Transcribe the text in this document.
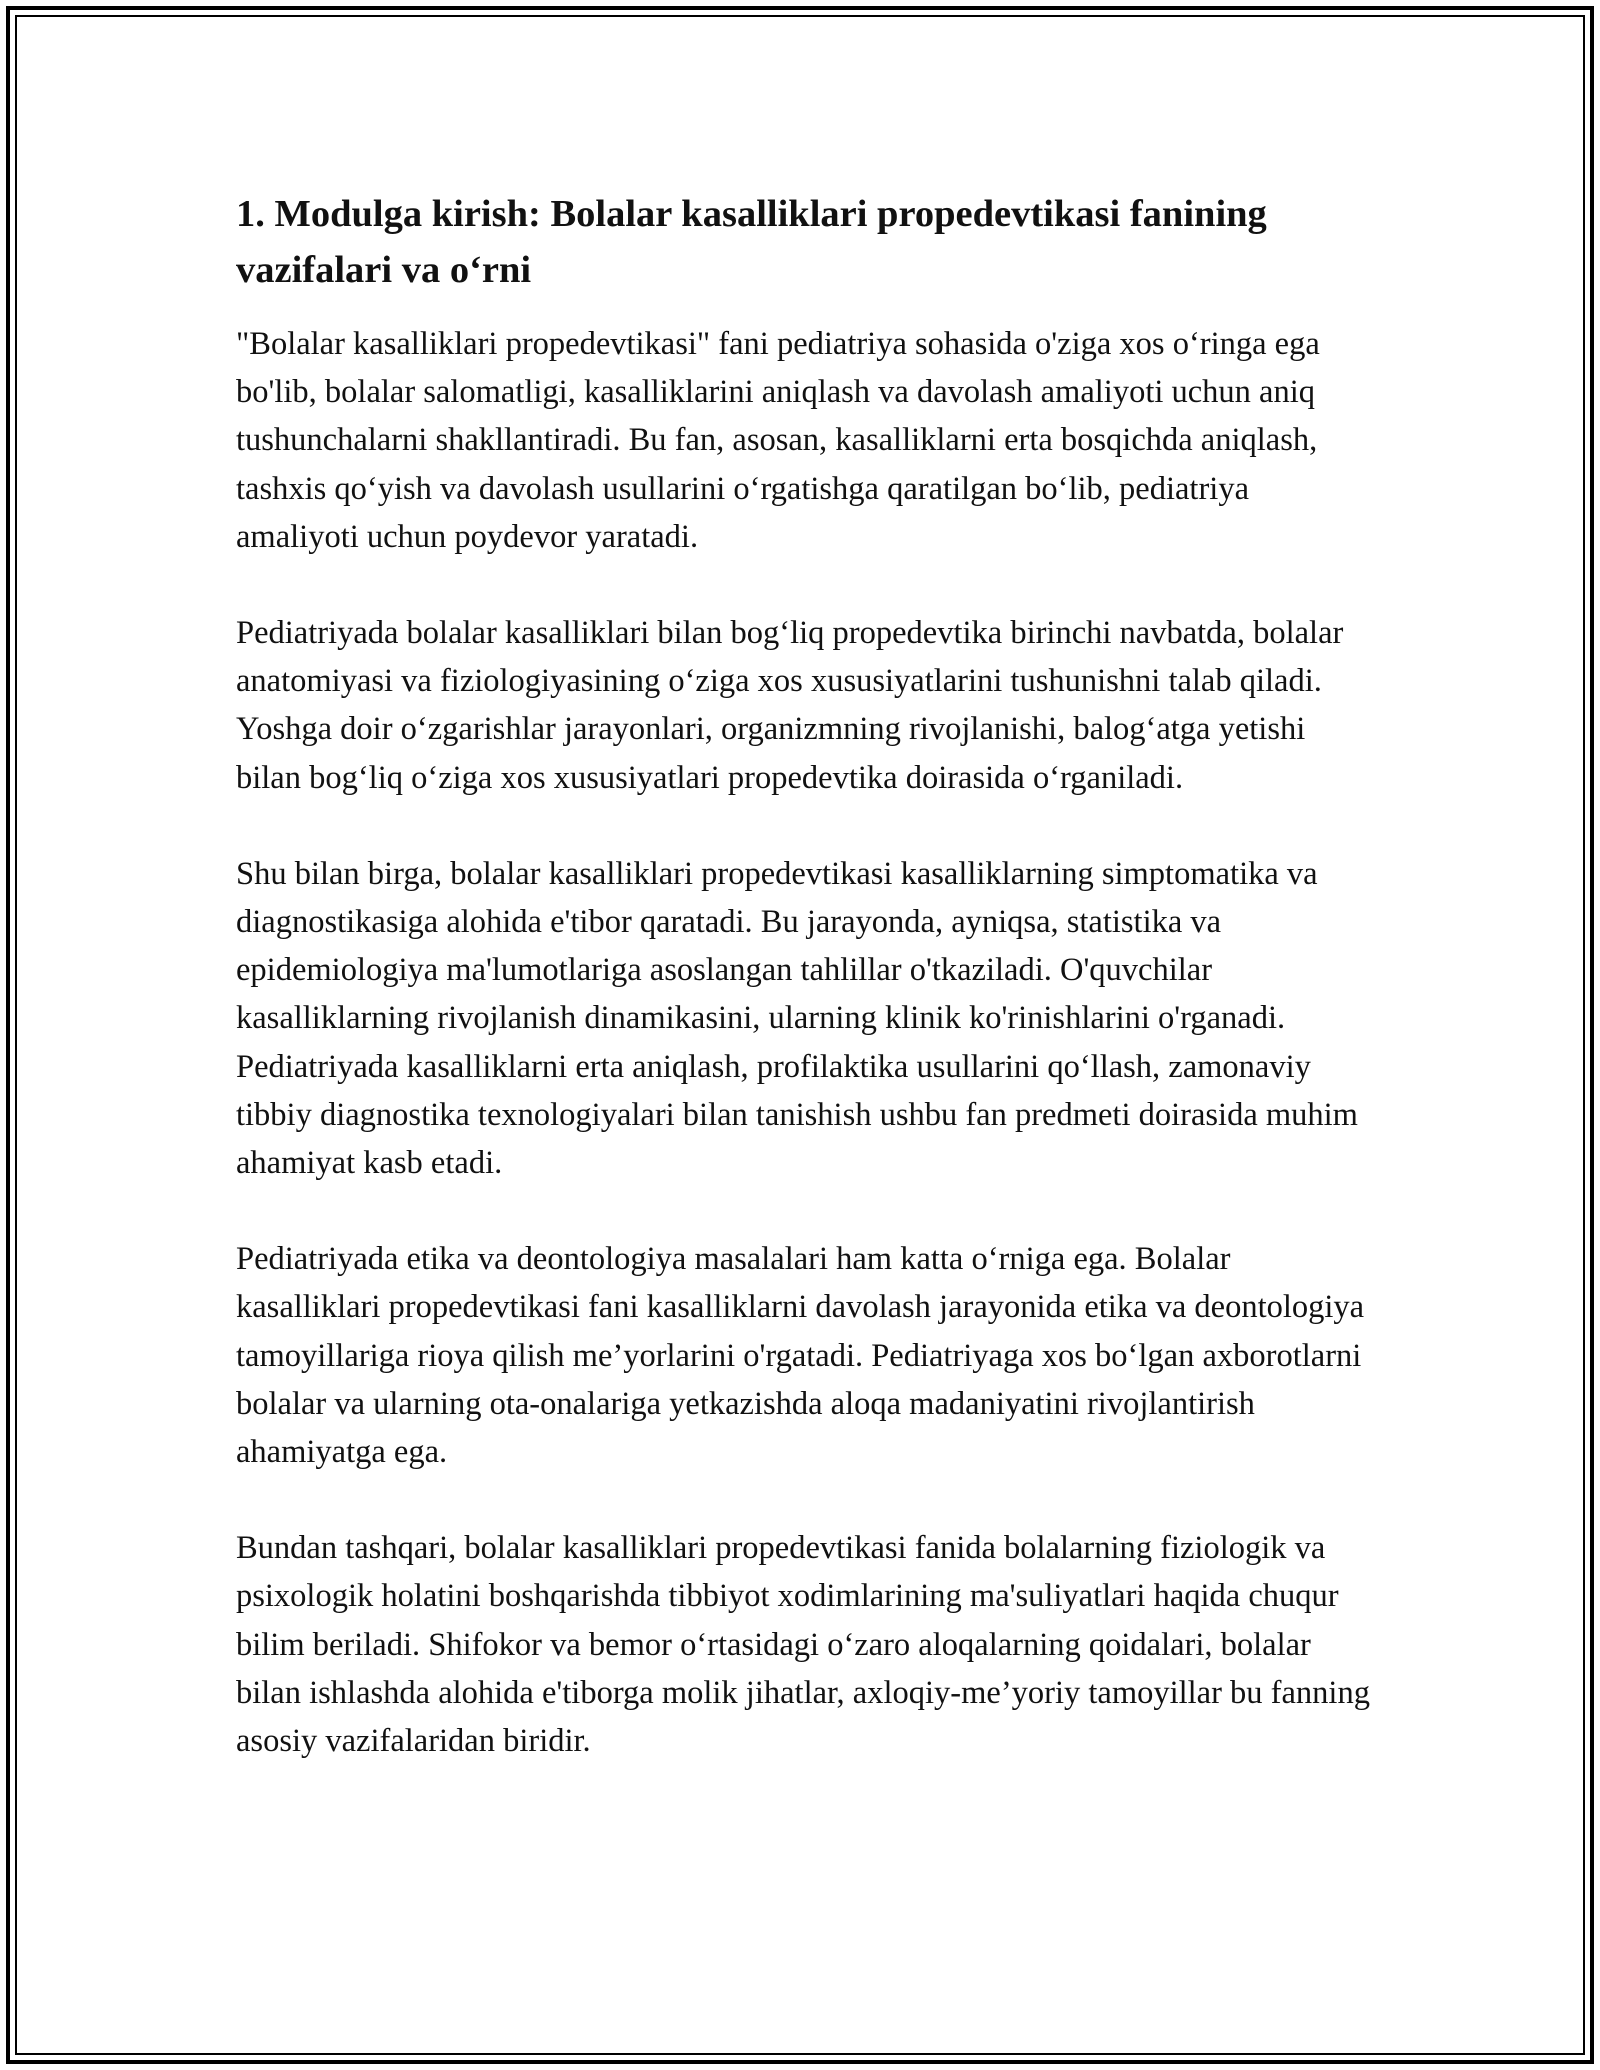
1. Modulga kirish: Bolalar kasalliklari propedevtikasi fanining vazifalari va o‘rni

"Bolalar kasalliklari propedevtikasi" fani pediatriya sohasida o'ziga xos o‘ringa ega bo'lib, bolalar salomatligi, kasalliklarini aniqlash va davolash amaliyoti uchun aniq tushunchalarni shakllantiradi. Bu fan, asosan, kasalliklarni erta bosqichda aniqlash, tashxis qo‘yish va davolash usullarini o‘rgatishga qaratilgan bo‘lib, pediatriya amaliyoti uchun poydevor yaratadi.

Pediatriyada bolalar kasalliklari bilan bog‘liq propedevtika birinchi navbatda, bolalar anatomiyasi va fiziologiyasining o‘ziga xos xususiyatlarini tushunishni talab qiladi. Yoshga doir o‘zgarishlar jarayonlari, organizmning rivojlanishi, balog‘atga yetishi bilan bog‘liq o‘ziga xos xususiyatlari propedevtika doirasida o‘rganiladi.

Shu bilan birga, bolalar kasalliklari propedevtikasi kasalliklarning simptomatika va diagnostikasiga alohida e'tibor qaratadi. Bu jarayonda, ayniqsa, statistika va epidemiologiya ma'lumotlariga asoslangan tahlillar o'tkaziladi. O'quvchilar kasalliklarning rivojlanish dinamikasini, ularning klinik ko'rinishlarini o'rganadi. Pediatriyada kasalliklarni erta aniqlash, profilaktika usullarini qo‘llash, zamonaviy tibbiy diagnostika texnologiyalari bilan tanishish ushbu fan predmeti doirasida muhim ahamiyat kasb etadi.

Pediatriyada etika va deontologiya masalalari ham katta o‘rniga ega. Bolalar kasalliklari propedevtikasi fani kasalliklarni davolash jarayonida etika va deontologiya tamoyillariga rioya qilish me’yorlarini o'rgatadi. Pediatriyaga xos bo‘lgan axborotlarni bolalar va ularning ota-onalariga yetkazishda aloqa madaniyatini rivojlantirish ahamiyatga ega.

Bundan tashqari, bolalar kasalliklari propedevtikasi fanida bolalarning fiziologik va psixologik holatini boshqarishda tibbiyot xodimlarining ma'suliyatlari haqida chuqur bilim beriladi. Shifokor va bemor o‘rtasidagi o‘zaro aloqalarning qoidalari, bolalar bilan ishlashda alohida e'tiborga molik jihatlar, axloqiy-me’yoriy tamoyillar bu fanning asosiy vazifalaridan biridir.
